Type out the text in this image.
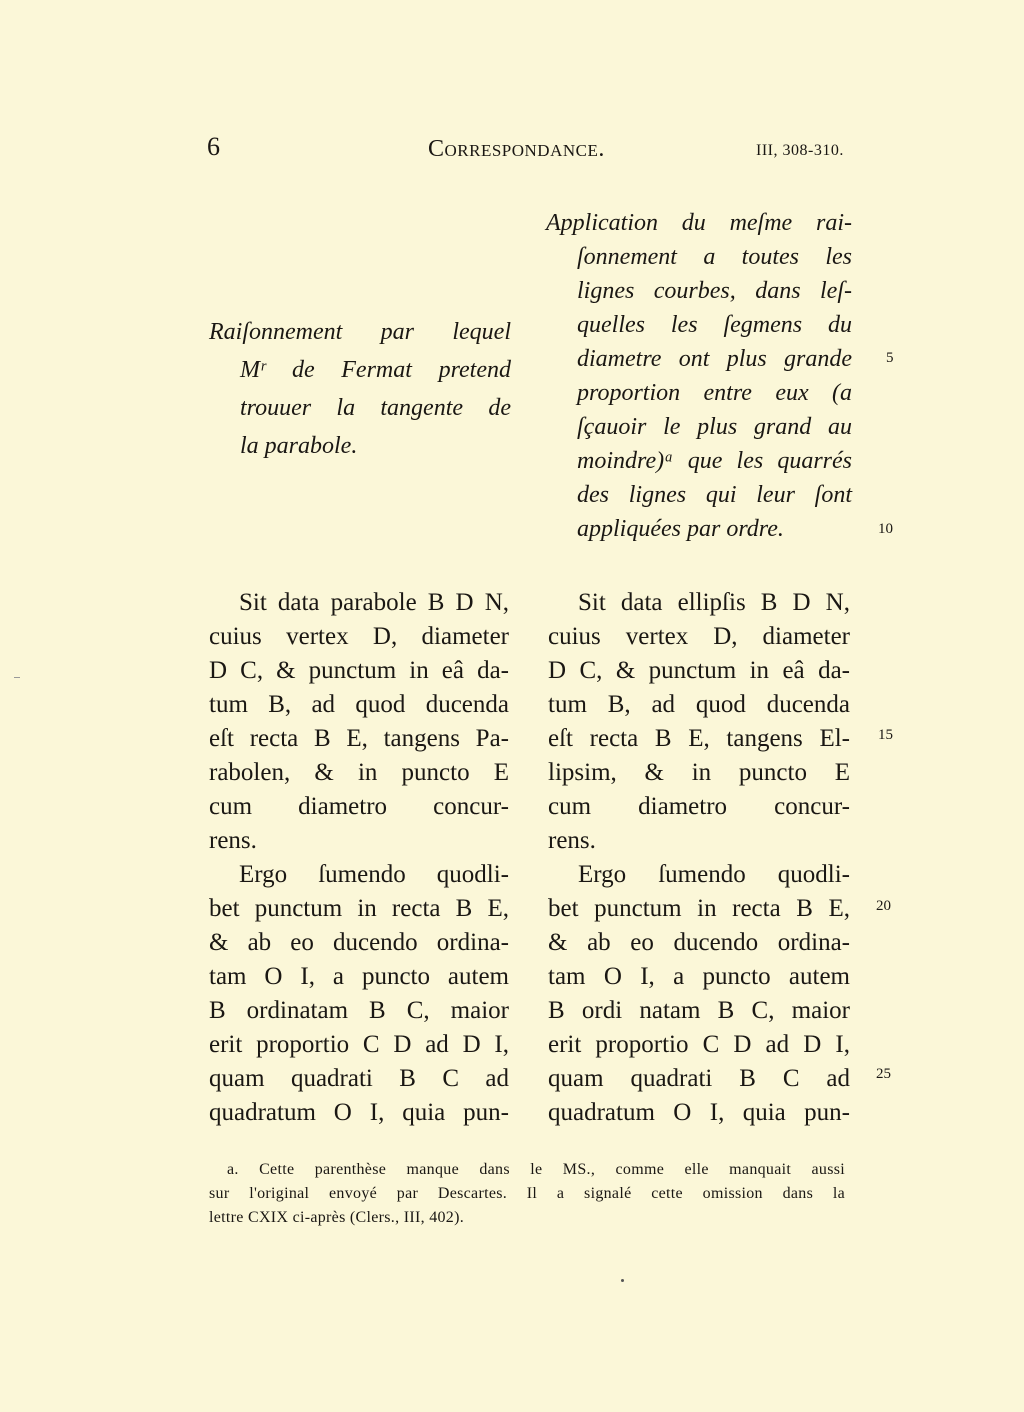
6	Correspondance.	III, 308-310.
Raiſonnement par lequel
Mʳ de Fermat pretend
trouuer la tangente de
la parabole.
Application du meſme rai-
ſonnement a toutes les
lignes courbes, dans leſ-
quelles les ſegmens du
diametre ont plus grande
proportion entre eux (a
ſçauoir le plus grand au
moindre)ᵃ que les quarrés
des lignes qui leur ſont
appliquées par ordre.
Sit data parabole B D N,
cuius vertex D, diameter
D C, & punctum in eâ da-
tum B, ad quod ducenda
eſt recta B E, tangens Pa-
rabolen, & in puncto E
cum diametro concur-
rens.
Ergo ſumendo quodli-
bet punctum in recta B E,
& ab eo ducendo ordina-
tam O I, a puncto autem
B ordinatam B C, maior
erit proportio C D ad D I,
quam quadrati B C ad
quadratum O I, quia pun-
Sit data ellipſis B D N,
cuius vertex D, diameter
D C, & punctum in eâ da-
tum B, ad quod ducenda
eſt recta B E, tangens El-
lipsim, & in puncto E
cum diametro concur-
rens.
Ergo ſumendo quodli-
bet punctum in recta B E,
& ab eo ducendo ordina-
tam O I, a puncto autem
B ordi natam B C, maior
erit proportio C D ad D I,
quam quadrati B C ad
quadratum O I, quia pun-
5
10
15
20
25
a. Cette parenthèse manque dans le MS., comme elle manquait aussi
sur l'original envoyé par Descartes. Il a signalé cette omission dans la
lettre CXIX ci-après (Clers., III, 402).
